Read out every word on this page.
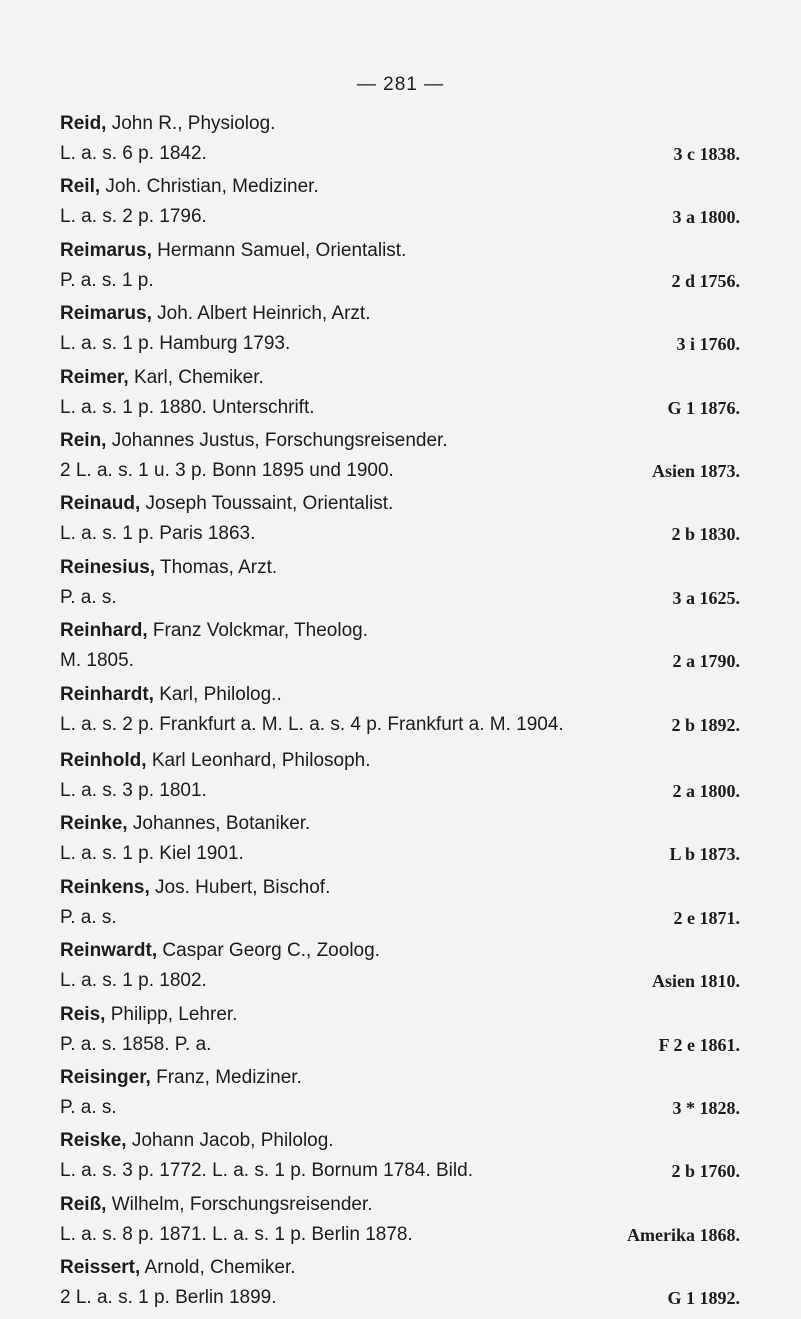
— 281 —
Reid, John R., Physiolog.
L. a. s. 6 p. 1842.	3 c 1838.
Reil, Joh. Christian, Mediziner.
L. a. s. 2 p. 1796.	3 a 1800.
Reimarus, Hermann Samuel, Orientalist.
P. a. s. 1 p.	2 d 1756.
Reimarus, Joh. Albert Heinrich, Arzt.
L. a. s. 1 p. Hamburg 1793.	3 i 1760.
Reimer, Karl, Chemiker.
L. a. s. 1 p. 1880. Unterschrift.	G 1 1876.
Rein, Johannes Justus, Forschungsreisender.
2 L. a. s. 1 u. 3 p. Bonn 1895 und 1900.	Asien 1873.
Reinaud, Joseph Toussaint, Orientalist.
L. a. s. 1 p. Paris 1863.	2 b 1830.
Reinesius, Thomas, Arzt.
P. a. s.	3 a 1625.
Reinhard, Franz Volckmar, Theolog.
M. 1805.	2 a 1790.
Reinhardt, Karl, Philolog..
L. a. s. 2 p. Frankfurt a. M. L. a. s. 4 p. Frankfurt a. M. 1904.	2 b 1892.
Reinhold, Karl Leonhard, Philosoph.
L. a. s. 3 p. 1801.	2 a 1800.
Reinke, Johannes, Botaniker.
L. a. s. 1 p. Kiel 1901.	L b 1873.
Reinkens, Jos. Hubert, Bischof.
P. a. s.	2 e 1871.
Reinwardt, Caspar Georg C., Zoolog.
L. a. s. 1 p. 1802.	Asien 1810.
Reis, Philipp, Lehrer.
P. a. s. 1858. P. a.	F 2 e 1861.
Reisinger, Franz, Mediziner.
P. a. s.	3 * 1828.
Reiske, Johann Jacob, Philolog.
L. a. s. 3 p. 1772. L. a. s. 1 p. Bornum 1784. Bild.	2 b 1760.
Reiß, Wilhelm, Forschungsreisender.
L. a. s. 8 p. 1871. L. a. s. 1 p. Berlin 1878.	Amerika 1868.
Reissert, Arnold, Chemiker.
2 L. a. s. 1 p. Berlin 1899.	G 1 1892.
